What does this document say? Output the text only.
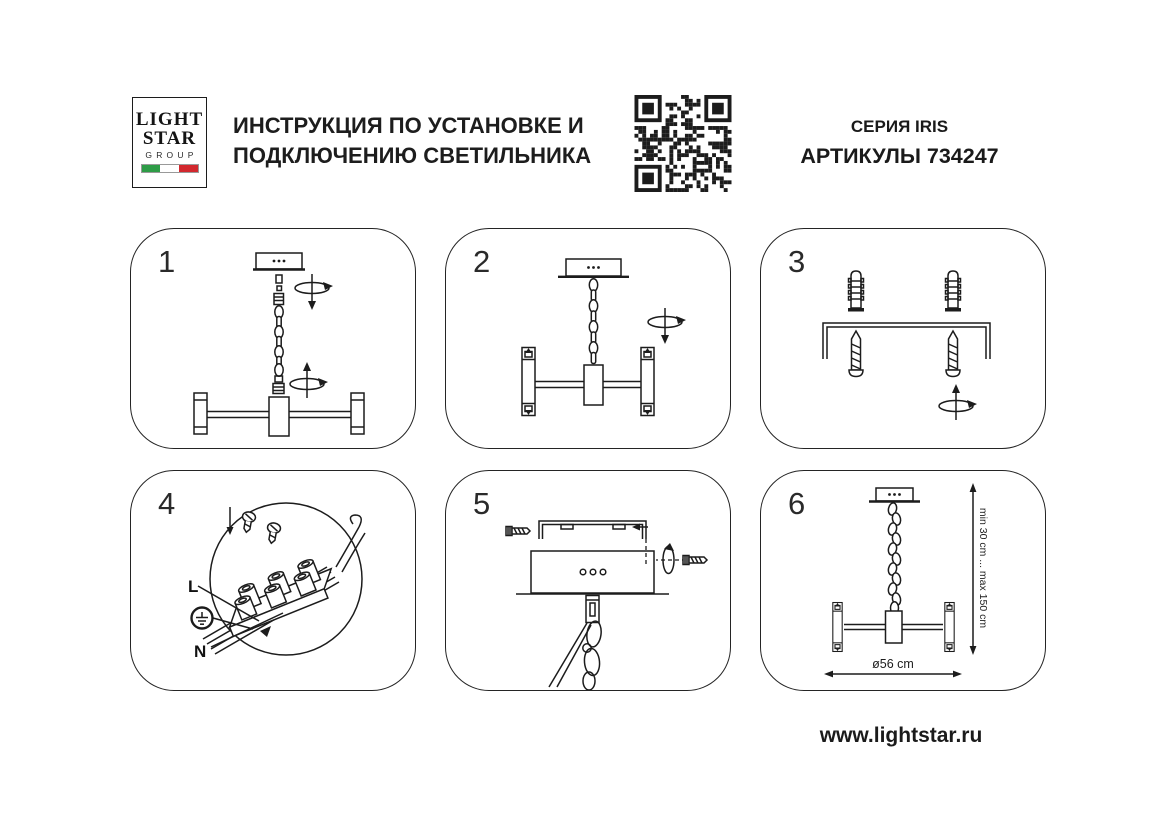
LIGHT
STAR
GROUP
ИНСТРУКЦИЯ ПО УСТАНОВКЕ И
ПОДКЛЮЧЕНИЮ СВЕТИЛЬНИКА
СЕРИЯ IRIS
АРТИКУЛЫ 734247
1	2	3
L
N
4	5
min 30 cm ... max 150 cm
ø56 cm
6
www.lightstar.ru
